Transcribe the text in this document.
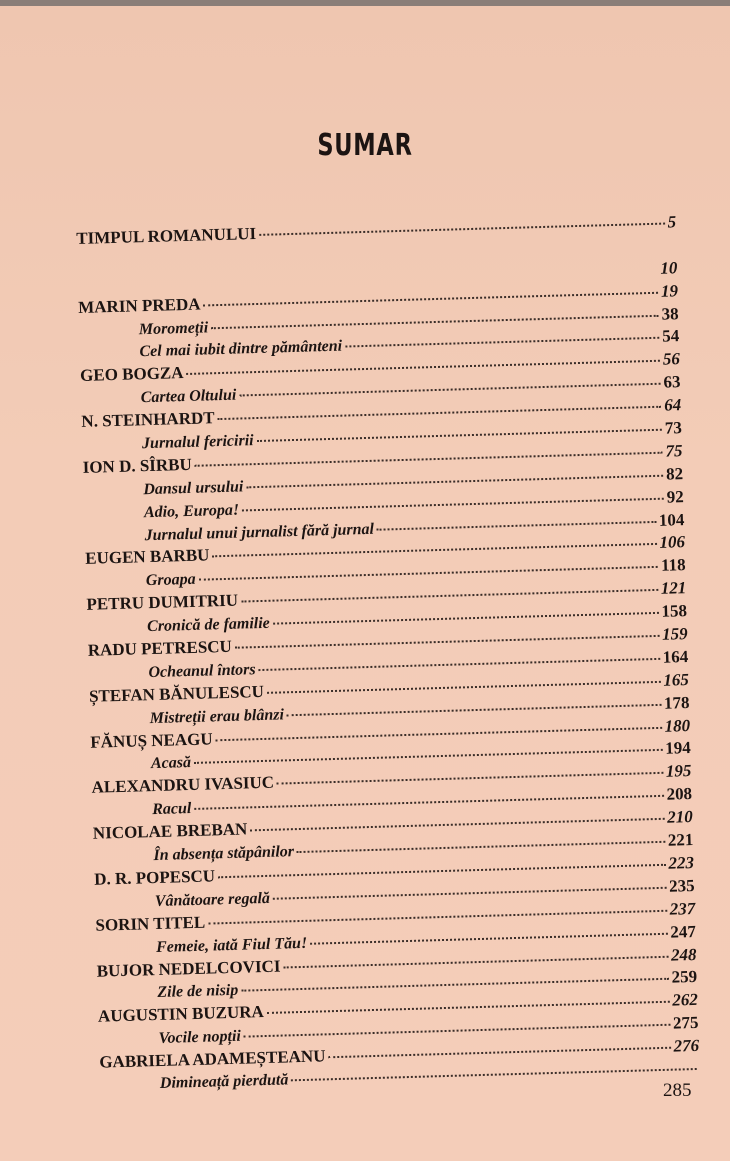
SUMAR
TIMPUL ROMANULUI
5
10
MARIN PREDA
19
Moromeții
38
Cel mai iubit dintre pământeni
54
GEO BOGZA
56
Cartea Oltului
63
N. STEINHARDT
64
Jurnalul fericirii
73
ION D. SÎRBU
75
Dansul ursului
82
Adio, Europa!
92
Jurnalul unui jurnalist fără jurnal
104
EUGEN BARBU
106
Groapa
118
PETRU DUMITRIU
121
Cronică de familie
158
RADU PETRESCU
159
Ocheanul întors
164
ȘTEFAN BĂNULESCU
165
Mistreții erau blânzi
178
FĂNUȘ NEAGU
180
Acasă
194
ALEXANDRU IVASIUC
195
Racul
208
NICOLAE BREBAN
210
În absența stăpânilor
221
D. R. POPESCU
223
Vânătoare regală
235
SORIN TITEL
237
Femeie, iată Fiul Tău!
247
BUJOR NEDELCOVICI
248
Zile de nisip
259
AUGUSTIN BUZURA
262
Vocile nopții
275
GABRIELA ADAMEȘTEANU
276
Dimineață pierdută	285
